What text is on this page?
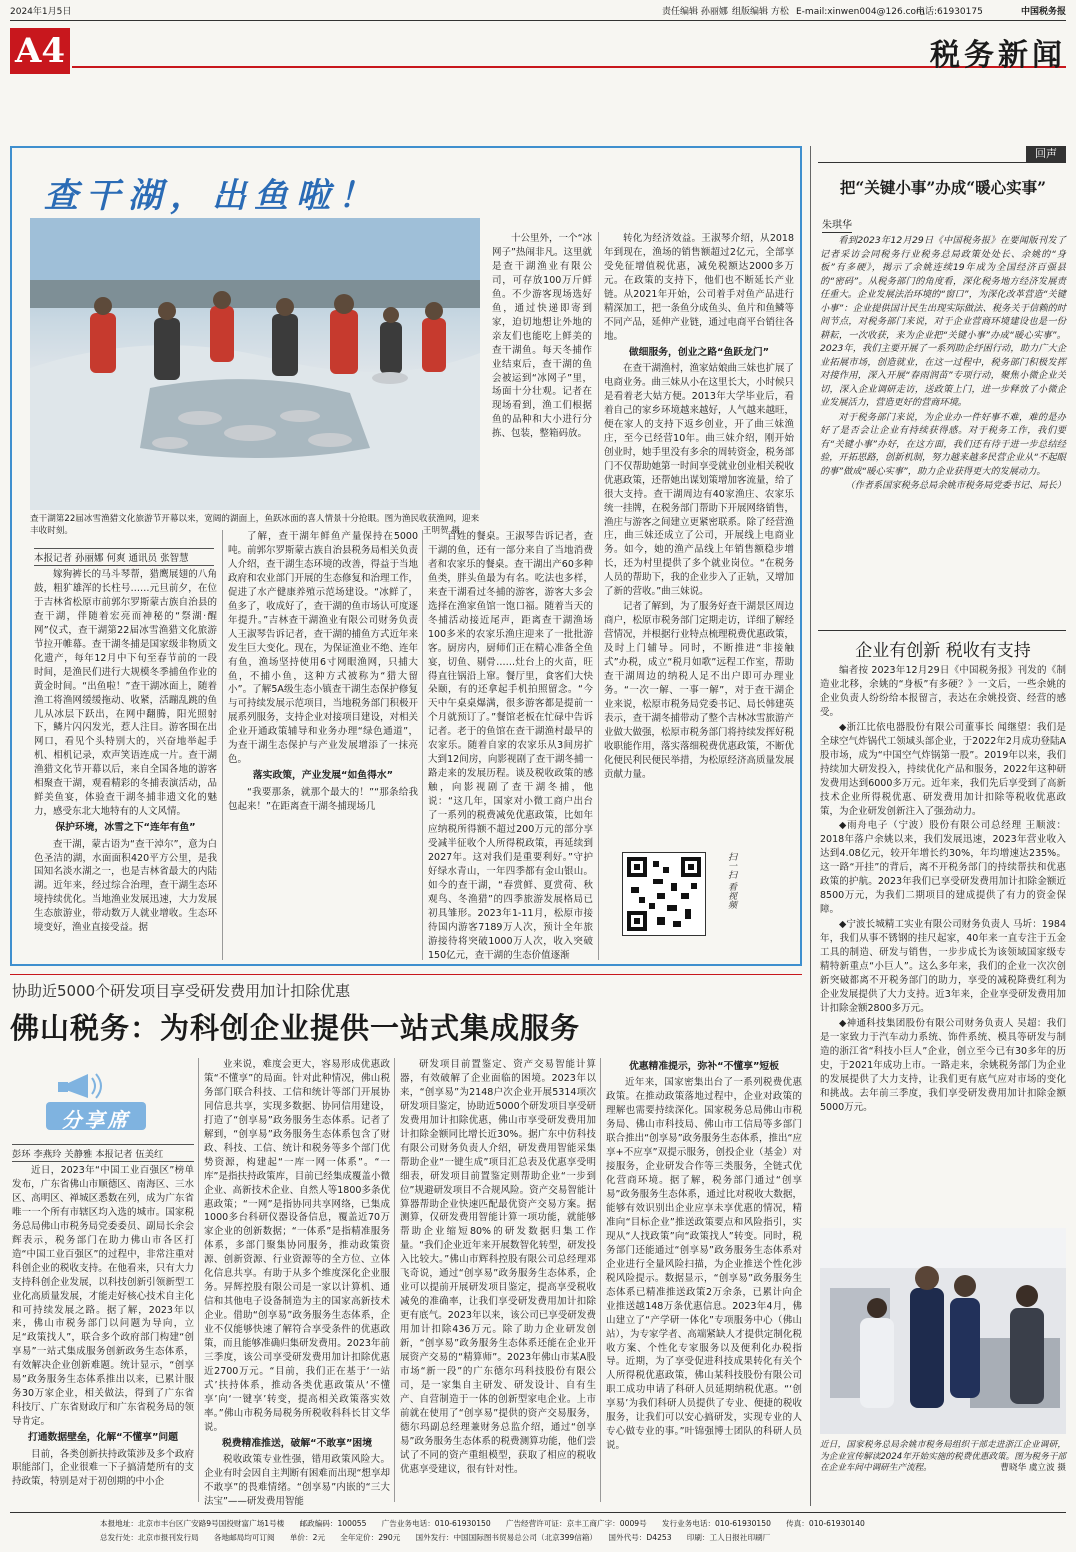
2024年1月5日	责任编辑 孙丽娜 组版编辑 方松 E-mail:xinwen004@126.com
电话:61930175	中国税务报
A4	税务新闻
查干湖，出鱼啦！
查干湖第22届冰雪渔猎文化旅游节开幕以来，宽阔的湖面上，鱼跃冰面的喜人情景十分抢眼。图为渔民收获渔网，迎来丰收时刻。	王明贺 摄
本报记者 孙丽娜 何爽 通讯员 张智慧

嫁狗裤长的马斗琴帮，猎鹰展翅的八角鼓，粗犷雄浑的长柱号……元旦前夕，在位于吉林省松原市前郭尔罗斯蒙古族自治县的查干湖，伴随着宏亮而神秘的“祭湖·醒网”仪式，查干湖第22届冰雪渔猎文化旅游节拉开帷幕。查干湖冬捕是国家级非物质文化遗产，每年12月中下旬至春节前的一段时间，是渔民们进行大规模冬季捕鱼作业的黄金时间。“出鱼啦！”查干湖冰面上，随着渔工将渔网缓缓拖动、收紧，活蹦乱跳的鱼儿从冰层下跃出，在网中翻腾，阳光照射下，鳞片闪闪发光，惹人注目。游客围在出网口，看见个头特别大的，兴奋地举起手机、相机记录，欢声笑语连成一片。查干湖渔猎文化节开幕以后，来自全国各地的游客相聚查干湖，观看精彩的冬捕表演活动，品鲜美鱼宴，体验查干湖冬捕非遗文化的魅力，感受东北大地特有的人文风情。

保护环境，冰雪之下“连年有鱼”

查干湖，蒙古语为“查干淖尔”，意为白色圣洁的湖，水面面积420平方公里，是我国知名淡水湖之一，也是吉林省最大的内陆湖。近年来，经过综合治理，查干湖生态环境持续优化。当地渔业发展迅速，大力发展生态旅游业，带动数万人就业增收。生态环境变好，渔业直接受益。据

了解，查干湖年鲜鱼产量保持在5000吨。前郭尔罗斯蒙古族自治县税务局相关负责人介绍，查干湖生态环境的改善，得益于当地政府和农业部门开展的生态修复和治理工作，促进了水产健康养殖示范场建设。“冰鲜了，鱼多了，收成好了，查干湖的鱼市场认可度逐年提升。”吉林查干湖渔业有限公司财务负责人王淑琴告诉记者，查干湖的捕鱼方式近年来发生巨大变化。现在，为保证渔业不绝、连年有鱼，渔场坚持使用6寸网眼渔网，只捕大鱼，不捕小鱼，这种方式被称为“猎大留小”。了解5A级生态小镇查干湖生态保护修复与可持续发展示范项目，当地税务部门积极开展系列服务，支持企业对接项目建设，对相关企业开通政策辅导和业务办理“绿色通道”，为查干湖生态保护与产业发展增添了一抹亮色。

落实政策，产业发展“如鱼得水”

“我要那条，就那个最大的！”“那条给我包起来！”在距离查干湖冬捕现场几

十公里外，一个“冰网子”热闹非凡。这里就是查干湖渔业有限公司，可存放100万斤鲜鱼。不少游客现场选好鱼，通过快递即寄到家，迫切地想让外地的亲友们也能吃上鲜美的查干湖鱼。每天冬捕作业结束后，查干湖的鱼会被运到“冰网子”里，场面十分壮观。记者在现场看到，渔工们根据鱼的品种和大小进行分拣、包装，整箱码放。

百姓的餐桌。王淑琴告诉记者，查干湖的鱼，还有一部分来自了当地消费者和农家乐的餐桌。查干湖出产60多种鱼类，胖头鱼最为有名。吃法也多样，来查干湖看过冬捕的游客，游客大多会选择在渔家鱼馆一饱口福。随着当天的冬捕活动接近尾声，距离查干湖渔场100多米的农家乐渔庄迎来了一批批游客。厨房内，厨师们正在精心准备全鱼宴，切鱼、剔骨……灶台上的火苗，旺得直往锅沿上窜。餐厅里，食客们大快朵颐，有的还拿起手机拍照留念。“今天中午桌桌爆满，很多游客都是提前一个月就预订了。”餐馆老板在忙碌中告诉记者。老于的鱼馆在查干湖渔村最早的农家乐。随着自家的农家乐从3间房扩大到12间房，向影视剧了查干湖冬捕一路走来的发展历程。谈及税收政策的感触，向影视剧了查干湖冬捕，他说：“这几年，国家对小微工商户出台了一系列的税费减免优惠政策，比如年应纳税所得额不超过200万元的部分享受减半征收个人所得税政策，再延续到2027年。这对我们是重要利好。”守护好绿水青山，一年四季都有金山银山。如今的查干湖，“春赏鲜、夏赏荷、秋观鸟、冬渔猎”的四季旅游发展格局已初具雏形。2023年1-11月，松原市接待国内游客7189万人次，预计全年旅游接待将突破1000万人次，收入突破150亿元，查干湖的生态价值逐渐

转化为经济效益。王淑琴介绍，从2018年到现在，渔场的销售额超过2亿元，全部享受免征增值税优惠，减免税额达2000多万元。在政策的支持下，他们也不断延长产业链。从2021年开始，公司着手对鱼产品进行精深加工，把一条鱼分成鱼头、鱼片和鱼鳞等不同产品，延伸产业链，通过电商平台销往各地。

做细服务，创业之路“鱼跃龙门”

在查干湖渔村，渔家姑娘曲三妹也扩展了电商业务。曲三妹从小在这里长大，小时候只是看着老大姑方便。2013年大学毕业后，看着自己的家乡环境越来越好，人气越来越旺，便在家人的支持下返乡创业，开了曲三妹渔庄，至今已经营10年。曲三妹介绍，刚开始创业时，她手里没有多余的周转资金，税务部门不仅帮助她第一时间享受就业创业相关税收优惠政策，还帮她出谋划策增加客流量，给了很大支持。查干湖周边有40家渔庄、农家乐统一挂牌，在税务部门帮助下开展网络销售，渔庄与游客之间建立更紧密联系。除了经营渔庄，曲三妹还成立了公司，开展线上电商业务。如今，她的渔产品线上年销售额稳步增长，还为村里提供了多个就业岗位。“在税务人员的帮助下，我的企业步入了正轨，又增加了新的营收。”曲三妹说。

记者了解到，为了服务好查干湖景区周边商户，松原市税务部门定期走访，详细了解经营情况，并根据行业特点梳理税费优惠政策，及时上门辅导。同时，不断推进“非接触式”办税，成立“税月如歌”远程工作室，帮助查干湖周边的纳税人足不出户即可办理业务。“一次一解、一事一解”，对于查干湖企业来说，松原市税务局党委书记、局长韩建英表示，查干湖冬捕带动了整个吉林冰雪旅游产业做大做强，松原市税务部门将持续发挥好税收职能作用，落实落细税费优惠政策，不断优化便民利民便民举措，为松原经济高质量发展贡献力量。

扫一扫 看视频
协助近5000个研发项目享受研发费用加计扣除优惠
佛山税务：为科创企业提供一站式集成服务
分享席
彭环 李燕玲 关静雅 本报记者 伍美红

近日，2023年“中国工业百强区”榜单发布，广东省佛山市顺德区、南海区、三水区、高明区、禅城区悉数在列，成为广东省唯一一个所有市辖区均入选的城市。国家税务总局佛山市税务局党委委员、副局长余会辉表示，税务部门在助力佛山市各区打造“中国工业百强区”的过程中，非常注重对科创企业的税收支持。在他看来，只有大力支持科创企业发展，以科技创新引领新型工业化高质量发展，才能走好核心技术自主化和可持续发展之路。据了解，2023年以来，佛山市税务部门以问题为导向，立足“政策找人”，联合多个政府部门构建“创享易”一站式集成服务创新政务生态体系，有效解决企业创新难题。统计显示，“创享易”政务服务生态体系推出以来，已累计服务30万家企业，相关做法，得到了广东省科技厅、广东省财政厅和广东省税务局的领导肯定。

打通数据壁垒，化解“不懂享”问题

目前，各类创新扶持政策涉及多个政府职能部门，企业很难一下子搞清楚所有的支持政策，特别是对于初创期的中小企

业来说，难度会更大，容易形成优惠政策“不懂享”的局面。针对此种情况，佛山税务部门联合科技、工信和统计等部门开展协同信息共享，实现多数据、协同信用建设，打造了“创享易”政务服务生态体系。记者了解到，“创享易”政务服务生态体系包含了财政、科技、工信、统计和税务等多个部门优势资源，构建起“一库一网一体系”。“一库”是指扶持政策库，目前已经集成覆盖小微企业、高新技术企业、自然人等1800多条优惠政策；“一网”是指协同共享网络，已集成1000多台科研仪器设备信息，覆盖近70万家企业的创新数据；“一体系”是指精准服务体系，多部门聚集协同服务，推动政策资源、创新资源、行业资源等的全方位、立体化信息共享。有助于从多个维度深化企业服务。昇辉控股有限公司是一家以计算机、通信和其他电子设备制造为主的国家高新技术企业。借助“创享易”政务服务生态体系，企业不仅能够快速了解符合享受条件的优惠政策，而且能够准确归集研发费用。2023年前三季度，该公司享受研发费用加计扣除优惠近2700万元。“目前，我们正在基于‘一站式’扶持体系，推动各类优惠政策从‘不懂享’向‘一键享’转变，提高相关政策落实效率。”佛山市税务局税务所税收科科长甘文华说。

税费精准推送，破解“不敢享”困境

税收政策专业性强，错用政策风险大。企业有时会因自主判断有困难而出现“想享却不敢享”的畏难情绪。“创享易”内嵌的“三大法宝”——研发费用智能

研发项目前置鉴定、资产交易智能计算器，有效破解了企业面临的困境。2023年以来，“创享易”为2148户次企业开展5314项次研发项目鉴定，协助近5000个研发项目享受研发费用加计扣除优惠，佛山市享受研发费用加计扣除金额同比增长近30%。据广东中仿科技有限公司财务负责人介绍，研发费用智能采集帮助企业“一键生成”项目汇总表及优惠享受明细表，研发项目前置鉴定则帮助企业“一步到位”规避研发项目不合规风险。资产交易智能计算器帮助企业快速匹配最优资产交易方案。据测算，仅研发费用智能计算一项功能，就能够帮助企业缩短80%的研发数据归集工作量。“我们企业近年来开展数智化转型，研发投入比较大。”佛山市辉科控股有限公司总经理邓飞奇说，通过“创享易”政务服务生态体系，企业可以提前开展研发项目鉴定，提高享受税收减免的准确率，让我们享受研发费用加计扣除更有底气。2023年以来，该公司已享受研发费用加计扣除436万元。除了助力企业研发创新，“创享易”政务服务生态体系还能在企业开展资产交易的“精算师”。2023年佛山市某A股市场“新一段”的广东德尔玛科技股份有限公司，是一家集自主研发、研发设计、自有生产、自营制造于一体的创新型家电企业。上市前就在使用了“创享易”提供的资产交易服务，德尔玛副总经理兼财务总监介绍，通过“创享易”政务服务生态体系的税费测算功能，他们尝试了不同的资产重组模型，获取了相应的税收优惠享受建议，很有针对性。

优惠精准提示，弥补“不懂享”短板

近年来，国家密集出台了一系列税费优惠政策。在推动政策落地过程中，企业对政策的理解也需要持续深化。国家税务总局佛山市税务局、佛山市科技局、佛山市工信局等多部门联合推出“创享易”政务服务生态体系，推出“应享+不应享”双提示服务，创投企业（基金）对接服务，企业研发合作等三类服务，全链式优化营商环境。据了解，税务部门通过“创享易”政务服务生态体系，通过比对税收大数据，能够有效识别出企业应享未享优惠的情况，精准向“目标企业”推送政策要点和风险指引，实现从“人找政策”向“政策找人”转变。同时，税务部门还能通过“创享易”政务服务生态体系对企业进行全量风险扫描，为企业推送个性化涉税风险提示。数据显示，“创享易”政务服务生态体系已精准推送政策2万余条，已累计向企业推送越148万条优惠信息。2023年4月，佛山建立了“产学研一体化”专项服务中心（佛山站），为专家学者、高端紧缺人才提供定制化税收方案、个性化专家服务以及便利化办税指导。近期，为了享受促进科技成果转化有关个人所得税优惠政策，佛山某科技股份有限公司职工成功申请了科研人员延期纳税优惠。“‘创享易’为我们科研人员提供了专业、便捷的税收服务，让我们可以安心搞研发，实现专业的人专心做专业的事。”叶锦强博士团队的科研人员说。

回声
把“关键小事”办成“暖心实事”
朱琪华

看到2023年12月29日《中国税务报》在要闻版刊发了记者采访会同税务行业税务总局政策处处长、余姚的“身板”有多硬》，揭示了余姚连续19年成为全国经济百强县的“密码”。从税务部门的角度看，深化税务地方经济发展责任重大。企业发展法治环境的“窗口”，为深化改革营造“关键小事”：企业提供国计民生出现实际做法、税务关于信赖的时间节点，对税务部门来说，对于企业营商环境建设也是一份耕耘，一次收获，来为企业把“关键小事”办成“暖心实事”。2023年，我们主要开展了一系列助企纾困行动，助力广大企业拓展市场，创造就业，在这一过程中，税务部门积极发挥对接作用，深入开展“春雨润苗”专项行动，聚焦小微企业关切，深入企业调研走访，送政策上门，进一步释放了小微企业发展活力，营造更好的营商环境。

对于税务部门来说，为企业办一件好事不难，难的是办好了是否会让企业有持续获得感。对于税务工作，我们要有“关键小事”办好，在这方面，我们还有待于进一步总结经验，开拓思路，创新机制，努力越来越多民营企业从“不起眼的事”做成“暖心实事”，助力企业获得更大的发展动力。

（作者系国家税务总局余姚市税务局党委书记、局长）

企业有创新 税收有支持

编者按 2023年12月29日《中国税务报》刊发的《制造业北移，余姚的“身板”有多硬？》一文后，一些余姚的企业负责人纷纷给本报留言，表达在余姚投资、经营的感受。

◆浙江比依电器股份有限公司董事长 闻继望：我们是全球空气炸锅代工领域头部企业，于2022年2月成功登陆A股市场，成为“中国空气炸锅第一股”。2019年以来，我们持续加大研发投入，持续优化产品和服务，2022年这种研发费用达到6000多万元。近年来，我们先后享受到了高新技术企业所得税优惠、研发费用加计扣除等税收优惠政策，为企业研发创新注入了强劲动力。

◆雨舟电子（宁波）股份有限公司总经理 王顺波：2018年落户余姚以来，我们发展迅速，2023年营业收入达到4.08亿元，较开年增长约30%，年均增速达235%。这一路“开挂”的背后，离不开税务部门的持续帮扶和优惠政策的护航。2023年我们已享受研发费用加计扣除金额近8500万元，为我们二期项目的建成提供了有力的资金保障。

◆宁波长城精工实业有限公司财务负责人 马圻：1984年，我们从事不锈钢的挂尺起家，40年来一直专注于五金工具的制造、研发与销售，一步步成长为该领域国家级专精特新重点“小巨人”。这么多年来，我们的企业一次次创新突破都离不开税务部门的助力，享受的减税降费红利为企业发展提供了大力支持。近3年来，企业享受研发费用加计扣除金额2800多万元。

◆神通科技集团股份有限公司财务负责人 吴超：我们是一家致力于汽车动力系统、饰件系统、模具等研发与制造的浙江省“科技小巨人”企业，创立至今已有30多年的历史，于2021年成功上市。一路走来，余姚税务部门为企业的发展提供了大力支持，让我们更有底气应对市场的变化和挑战。去年前三季度，我们享受研发费用加计扣除金额5000万元。

近日，国家税务总局余姚市税务局组织干部走进浙江企业调研，为企业宣传解读2024年开始实施的税费优惠政策。图为税务干部在企业车间中调研生产流程。	曹晓华 虞立波 摄
本报地址：北京市丰台区广安路9号国投财富广场1号楼　　邮政编码：100055　　广告业务电话：010-61930150　　广告经营许可证：京丰工商广字：0009号　　发行业务电话：010-61930150　　传真：010-61930140
总发行处：北京市报刊发行局　　各地邮局均可订阅　　单价：2元　　全年定价：290元　　国外发行：中国国际图书贸易总公司（北京399信箱）　　国外代号：D4253　　印刷：工人日报社印刷厂
